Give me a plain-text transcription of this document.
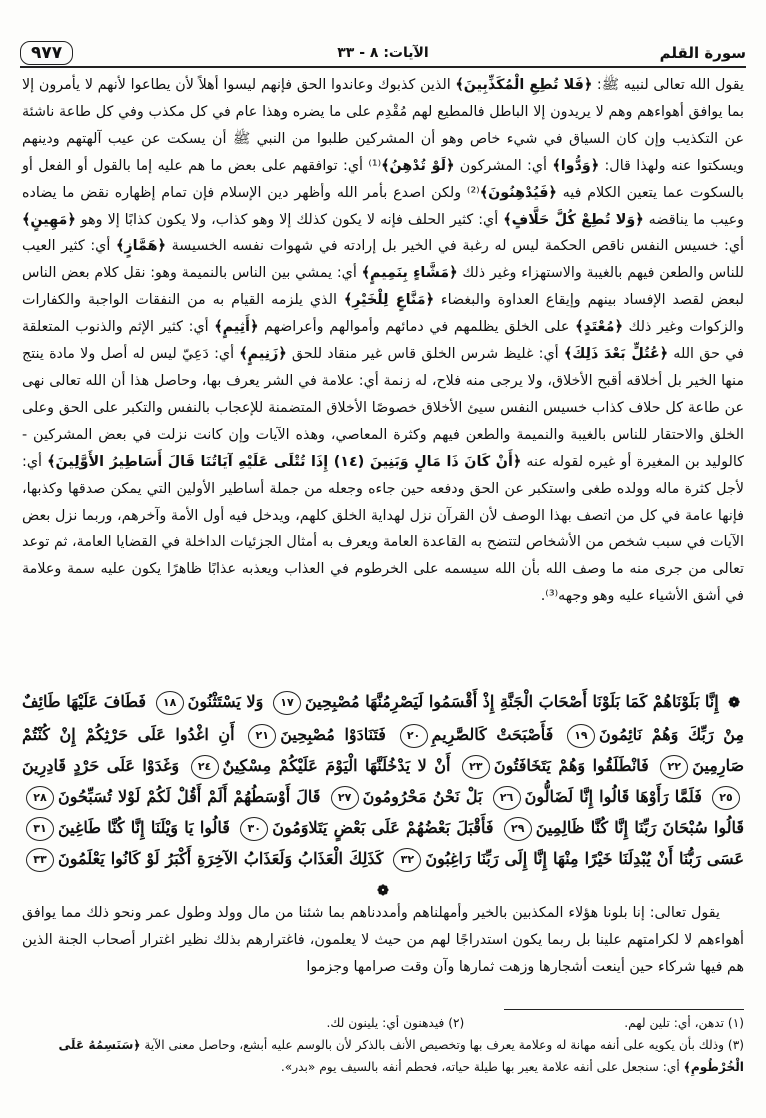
سورة القلم
الآيات: ٨ - ٣٣
٩٧٧

يقول الله تعالى لنبيه ﷺ: ﴿فَلا تُطِعِ الْمُكَذِّبِينَ﴾ الذين كذبوك وعاندوا الحق فإنهم ليسوا أهلاً لأن يطاعوا لأنهم لا يأمرون إلا بما يوافق أهواءهم وهم لا يريدون إلا الباطل فالمطيع لهم مُقْدِم على ما يضره وهذا عام في كل مكذب وفي كل طاعة ناشئة عن التكذيب وإن كان السياق في شيء خاص وهو أن المشركين طلبوا من النبي ﷺ أن يسكت عن عيب آلهتهم ودينهم ويسكتوا عنه ولهذا قال: ﴿وَدُّوا﴾ أي: المشركون ﴿لَوْ تُدْهِنُ﴾⁽¹⁾ أي: توافقهم على بعض ما هم عليه إما بالقول أو الفعل أو بالسكوت عما يتعين الكلام فيه ﴿فَيُدْهِنُونَ﴾⁽²⁾ ولكن اصدع بأمر الله وأظهر دين الإسلام فإن تمام إظهاره نقض ما يضاده وعيب ما يناقضه ﴿وَلا تُطِعْ كُلَّ حَلَّافٍ﴾ أي: كثير الحلف فإنه لا يكون كذلك إلا وهو كذاب، ولا يكون كذابًا إلا وهو ﴿مَهِينٍ﴾ أي: خسيس النفس ناقص الحكمة ليس له رغبة في الخير بل إرادته في شهوات نفسه الخسيسة ﴿هَمَّازٍ﴾ أي: كثير العيب للناس والطعن فيهم بالغيبة والاستهزاء وغير ذلك ﴿مَشَّاءٍ بِنَمِيمٍ﴾ أي: يمشي بين الناس بالنميمة وهو: نقل كلام بعض الناس لبعض لقصد الإفساد بينهم وإيقاع العداوة والبغضاء ﴿مَنَّاعٍ لِلْخَيْرِ﴾ الذي يلزمه القيام به من النفقات الواجبة والكفارات والزكوات وغير ذلك ﴿مُعْتَدٍ﴾ على الخلق يظلمهم في دمائهم وأموالهم وأعراضهم ﴿أَثِيمٍ﴾ أي: كثير الإثم والذنوب المتعلقة في حق الله ﴿عُتُلٍّ بَعْدَ ذَلِكَ﴾ أي: غليظ شرس الخلق قاس غير منقاد للحق ﴿زَنِيمٍ﴾ أي: دَعِيّ ليس له أصل ولا مادة ينتج منها الخير بل أخلاقه أقبح الأخلاق، ولا يرجى منه فلاح، له زنمة أي: علامة في الشر يعرف بها، وحاصل هذا أن الله تعالى نهى عن طاعة كل حلاف كذاب خسيس النفس سيئ الأخلاق خصوصًا الأخلاق المتضمنة للإعجاب بالنفس والتكبر على الحق وعلى الخلق والاحتقار للناس بالغيبة والنميمة والطعن فيهم وكثرة المعاصي، وهذه الآيات وإن كانت نزلت في بعض المشركين - كالوليد بن المغيرة أو غيره لقوله عنه ﴿أَنْ كَانَ ذَا مَالٍ وَبَنِينَ (١٤) إِذَا تُتْلَى عَلَيْهِ آيَاتُنَا قَالَ أَسَاطِيرُ الأَوَّلِينَ﴾ أي: لأجل كثرة ماله وولده طغى واستكبر عن الحق ودفعه حين جاءه وجعله من جملة أساطير الأولين التي يمكن صدقها وكذبها، فإنها عامة في كل من اتصف بهذا الوصف لأن القرآن نزل لهداية الخلق كلهم، ويدخل فيه أول الأمة وآخرهم، وربما نزل بعض الآيات في سبب شخص من الأشخاص لتتضح به القاعدة العامة ويعرف به أمثال الجزئيات الداخلة في القضايا العامة، ثم توعد تعالى من جرى منه ما وصف الله بأن الله سيسمه على الخرطوم في العذاب ويعذبه عذابًا ظاهرًا يكون عليه سمة وعلامة في أشق الأشياء عليه وهو وجهه⁽³⁾.

❁ إِنَّا بَلَوْنَاهُمْ كَمَا بَلَوْنَا أَصْحَابَ الْجَنَّةِ إِذْ أَقْسَمُوا لَيَصْرِمُنَّهَا مُصْبِحِينَ١٧ وَلا يَسْتَثْنُونَ١٨ فَطَافَ عَلَيْهَا طَائِفٌ مِنْ رَبِّكَ وَهُمْ نَائِمُونَ١٩ فَأَصْبَحَتْ كَالصَّرِيمِ٢٠ فَتَنَادَوْا مُصْبِحِينَ٢١ أَنِ اغْدُوا عَلَى حَرْثِكُمْ إِنْ كُنْتُمْ صَارِمِينَ٢٢ فَانْطَلَقُوا وَهُمْ يَتَخَافَتُونَ٢٣ أَنْ لا يَدْخُلَنَّهَا الْيَوْمَ عَلَيْكُمْ مِسْكِينٌ٢٤ وَغَدَوْا عَلَى حَرْدٍ قَادِرِينَ٢٥ فَلَمَّا رَأَوْهَا قَالُوا إِنَّا لَضَالُّونَ٢٦ بَلْ نَحْنُ مَحْرُومُونَ٢٧ قَالَ أَوْسَطُهُمْ أَلَمْ أَقُلْ لَكُمْ لَوْلا تُسَبِّحُونَ٢٨ قَالُوا سُبْحَانَ رَبِّنَا إِنَّا كُنَّا ظَالِمِينَ٢٩ فَأَقْبَلَ بَعْضُهُمْ عَلَى بَعْضٍ يَتَلاوَمُونَ٣٠ قَالُوا يَا وَيْلَنَا إِنَّا كُنَّا طَاغِينَ٣١ عَسَى رَبُّنَا أَنْ يُبْدِلَنَا خَيْرًا مِنْهَا إِنَّا إِلَى رَبِّنَا رَاغِبُونَ٣٢ كَذَلِكَ الْعَذَابُ وَلَعَذَابُ الآخِرَةِ أَكْبَرُ لَوْ كَانُوا يَعْلَمُونَ٣٣ ❁

يقول تعالى: إنا بلونا هؤلاء المكذبين بالخير وأمهلناهم وأمددناهم بما شئنا من مال وولد وطول عمر ونحو ذلك مما يوافق أهواءهم لا لكرامتهم علينا بل ربما يكون استدراجًا لهم من حيث لا يعلمون، فاغترارهم بذلك نظير اغترار أصحاب الجنة الذين هم فيها شركاء حين أينعت أشجارها وزهت ثمارها وآن وقت صرامها وجزموا

(١) تدهن، أي: تلين لهم.
(٢) فيدهنون أي: يلينون لك.

(٣) وذلك بأن يكويه على أنفه مهانة له وعلامة يعرف بها وتخصيص الأنف بالذكر لأن بالوسم عليه أبشع، وحاصل معنى الآية ﴿سَنَسِمُهُ عَلَى الْخُرْطُومِ﴾ أي: سنجعل على أنفه علامة يعير بها طيلة حياته، فحطم أنفه بالسيف يوم «بدر».
